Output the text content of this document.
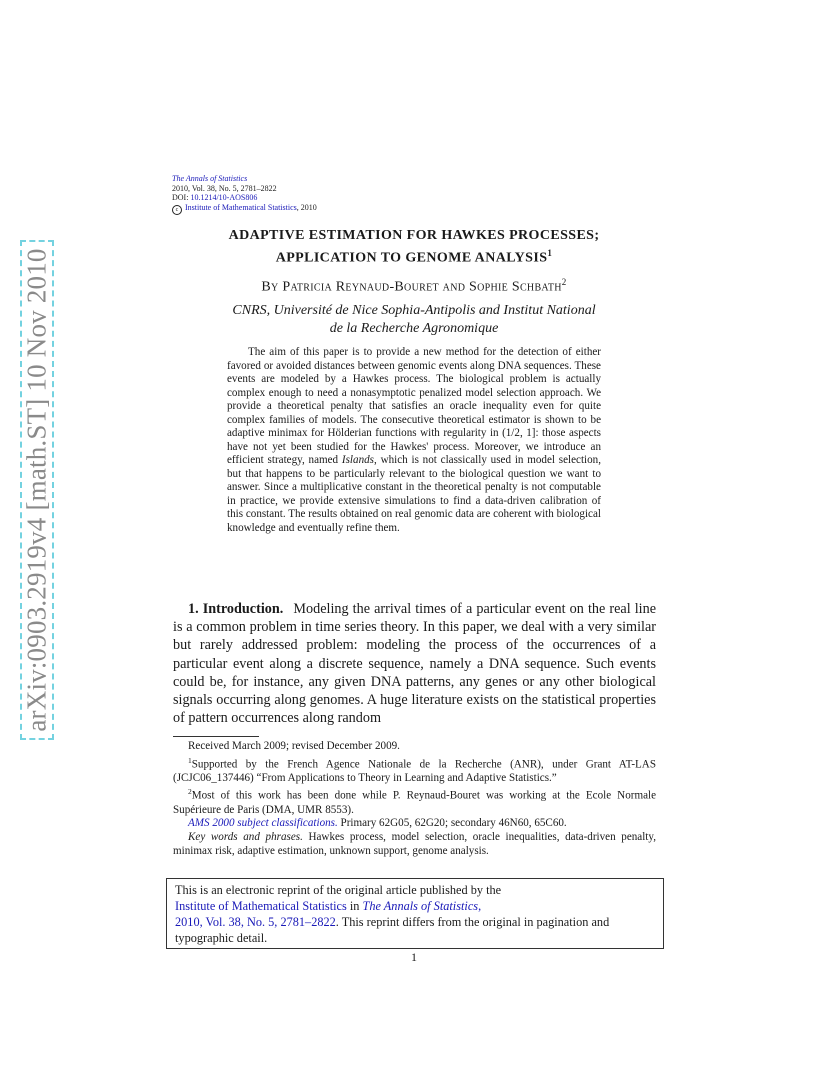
arXiv:0903.2919v4 [math.ST] 10 Nov 2010
The Annals of Statistics
2010, Vol. 38, No. 5, 2781–2822
DOI: 10.1214/10-AOS806
c Institute of Mathematical Statistics, 2010
ADAPTIVE ESTIMATION FOR HAWKES PROCESSES;
APPLICATION TO GENOME ANALYSIS$^1$
By Patricia Reynaud-Bouret and Sophie Schbath$^2$
CNRS, Université de Nice Sophia-Antipolis and Institut National
de la Recherche Agronomique
The aim of this paper is to provide a new method for the detection of either favored or avoided distances between genomic events along DNA sequences. These events are modeled by a Hawkes process. The biological problem is actually complex enough to need a nonasymptotic penalized model selection approach. We provide a theoretical penalty that satisfies an oracle inequality even for quite complex families of models. The consecutive theoretical estimator is shown to be adaptive minimax for Hölderian functions with regularity in (1/2, 1]: those aspects have not yet been studied for the Hawkes' process. Moreover, we introduce an efficient strategy, named Islands, which is not classically used in model selection, but that happens to be particularly relevant to the biological question we want to answer. Since a multiplicative constant in the theoretical penalty is not computable in practice, we provide extensive simulations to find a data-driven calibration of this constant. The results obtained on real genomic data are coherent with biological knowledge and eventually refine them.
1. Introduction. Modeling the arrival times of a particular event on the real line is a common problem in time series theory. In this paper, we deal with a very similar but rarely addressed problem: modeling the process of the occurrences of a particular event along a discrete sequence, namely a DNA sequence. Such events could be, for instance, any given DNA patterns, any genes or any other biological signals occurring along genomes. A huge literature exists on the statistical properties of pattern occurrences along random

Received March 2009; revised December 2009.

$^1$Supported by the French Agence Nationale de la Recherche (ANR), under Grant AT-LAS (JCJC06_137446) “From Applications to Theory in Learning and Adaptive Statistics.”

$^2$Most of this work has been done while P. Reynaud-Bouret was working at the Ecole Normale Supérieure de Paris (DMA, UMR 8553).

AMS 2000 subject classifications. Primary 62G05, 62G20; secondary 46N60, 65C60.

Key words and phrases. Hawkes process, model selection, oracle inequalities, data-driven penalty, minimax risk, adaptive estimation, unknown support, genome analysis.

This is an electronic reprint of the original article published by the
Institute of Mathematical Statistics in The Annals of Statistics,
2010, Vol. 38, No. 5, 2781–2822. This reprint differs from the original in pagination and typographic detail.
1
